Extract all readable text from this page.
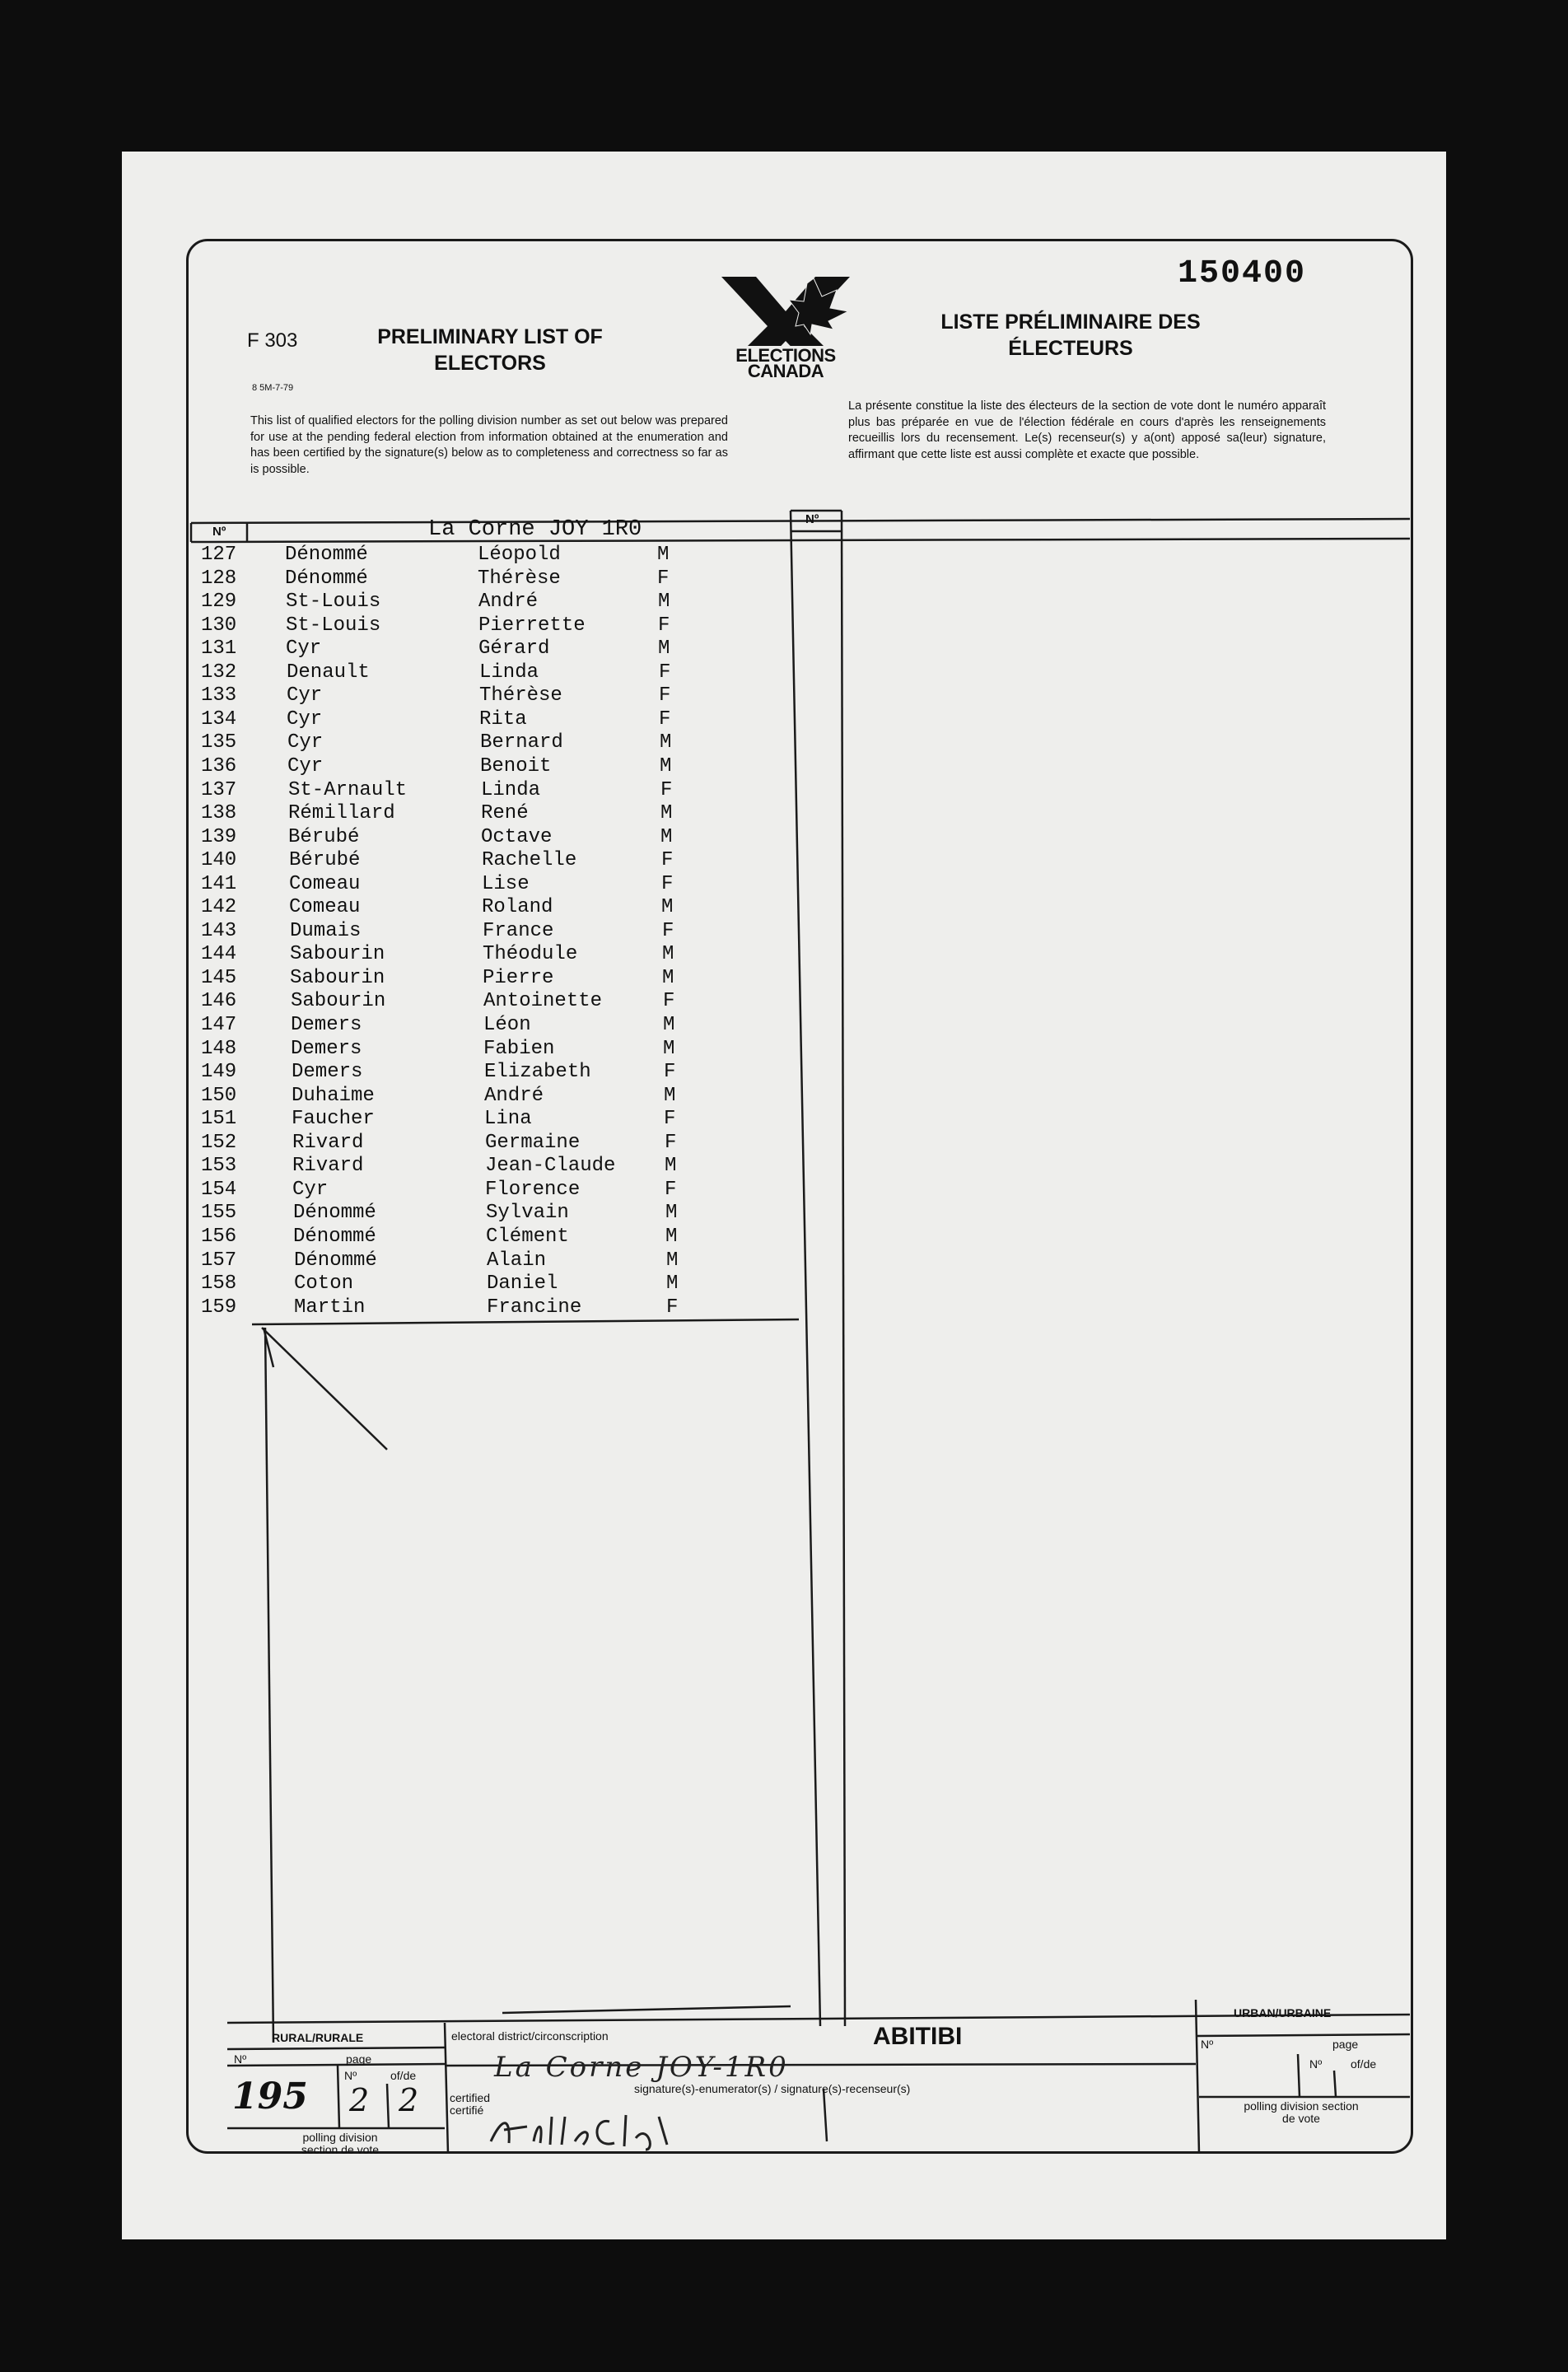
F 303
8 5M-7-79
PRELIMINARY LIST OF ELECTORS
LISTE PRÉLIMINAIRE DES ÉLECTEURS
150400
ELECTIONS CANADA
This list of qualified electors for the polling division number as set out below was prepared for use at the pending federal election from information obtained at the enumeration and has been certified by the signature(s) below as to completeness and correctness so far as is possible.
La présente constitue la liste des électeurs de la section de vote dont le numéro apparaît plus bas préparée en vue de l'élection fédérale en cours d'après les renseignements recueillis lors du recensement. Le(s) recenseur(s) y a(ont) apposé sa(leur) signature, affirmant que cette liste est aussi complète et exacte que possible.
Nº
Nº
La Corne JOY 1R0
127 Dénommé	Léopold	M
128 Dénommé	Thérèse	F
129 St-Louis	André	M
130 St-Louis	Pierrette	F
131 Cyr	Gérard	M
132	Denault	Linda	F
133	Cyr	Thérèse	F
134	Cyr	Rita	F
135	Cyr	Bernard	M
136	Cyr	Benoit	M
137	St-Arnault	Linda	F
138	Rémillard	René	M
139	Bérubé	Octave	M
140	Bérubé	Rachelle	F
141	Comeau	Lise	F
142	Comeau	Roland	M
143	Dumais	France	F
144	Sabourin	Théodule	M
145	Sabourin	Pierre	M
146	Sabourin	Antoinette	F
147	Demers	Léon	M
148	Demers	Fabien	M
149	Demers	Elizabeth	F
150	Duhaime	André	M
151	Faucher	Lina	F
152	Rivard	Germaine	F
153	Rivard	Jean-Claude M
154	Cyr	Florence	F
155	Dénommé	Sylvain	M
156	Dénommé	Clément	M
157	Dénommé	Alain	M
158	Coton	Daniel	M
159	Martin	Francine	F
RURAL/RURALE
Nº	page
Nº	of/de
195 2 2
polling division section de vote
electoral district/circonscription	ABITIBI
La Corne JOY-1R0
certified certifié
signature(s)-enumerator(s) / signature(s)-recenseur(s)
URBAN/URBAINE
Nº	page
Nº of/de
polling division section de vote
